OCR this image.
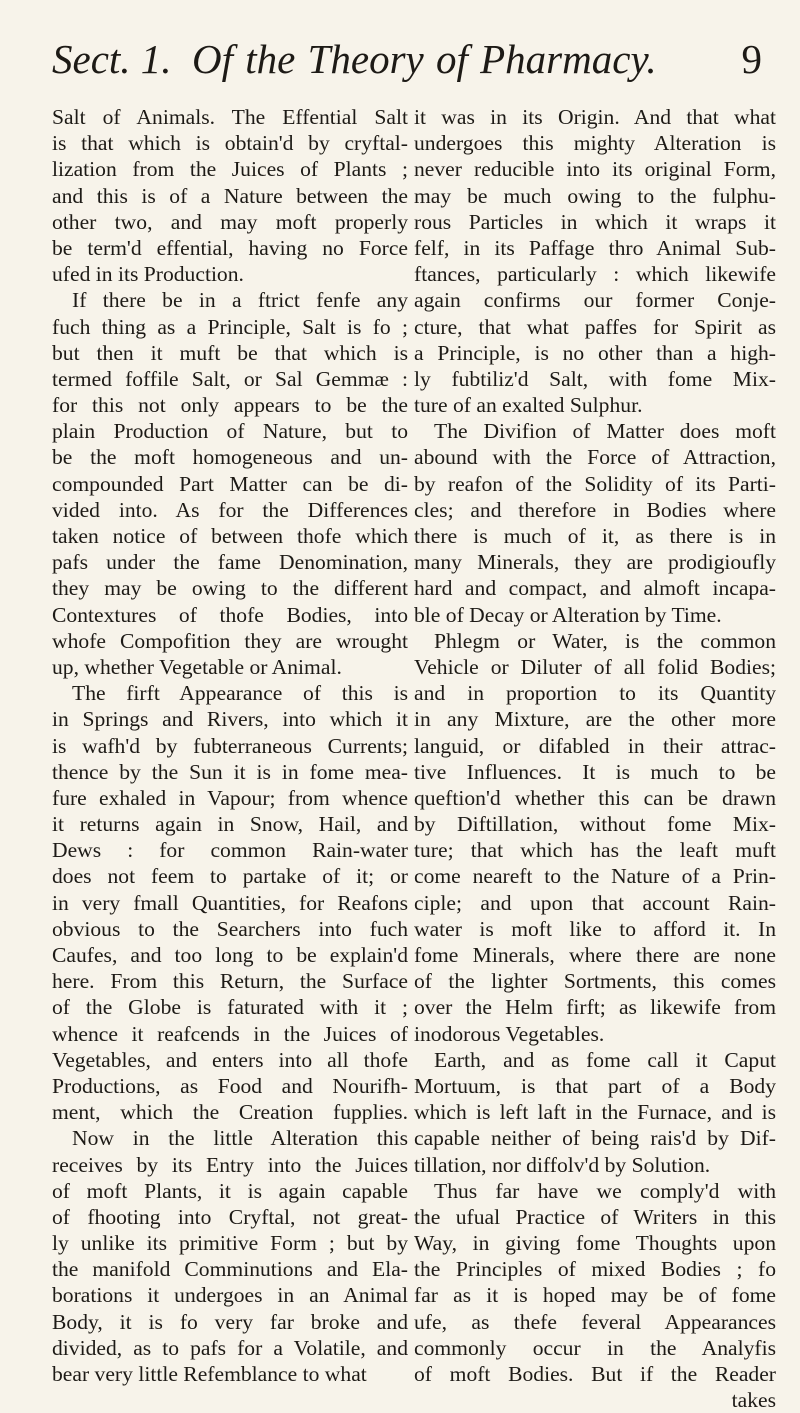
Sect. 1. Of the Theory of Pharmacy. 9
Salt of Animals. The Effential Salt
is that which is obtain'd by cryftal-
lization from the Juices of Plants ;
and this is of a Nature between the
other two, and may moft properly
be term'd effential, having no Force
ufed in its Production.
If there be in a ftrict fenfe any
fuch thing as a Principle, Salt is fo ;
but then it muft be that which is
termed foffile Salt, or Sal Gemmæ :
for this not only appears to be the
plain Production of Nature, but to
be the moft homogeneous and un-
compounded Part Matter can be di-
vided into. As for the Differences
taken notice of between thofe which
pafs under the fame Denomination,
they may be owing to the different
Contextures of thofe Bodies, into
whofe Compofition they are wrought
up, whether Vegetable or Animal.
The firft Appearance of this is
in Springs and Rivers, into which it
is wafh'd by fubterraneous Currents;
thence by the Sun it is in fome mea-
fure exhaled in Vapour; from whence
it returns again in Snow, Hail, and
Dews : for common Rain-water
does not feem to partake of it; or
in very fmall Quantities, for Reafons
obvious to the Searchers into fuch
Caufes, and too long to be explain'd
here. From this Return, the Surface
of the Globe is faturated with it ;
whence it reafcends in the Juices of
Vegetables, and enters into all thofe
Productions, as Food and Nourifh-
ment, which the Creation fupplies.
Now in the little Alteration this
receives by its Entry into the Juices
of moft Plants, it is again capable
of fhooting into Cryftal, not great-
ly unlike its primitive Form ; but by
the manifold Comminutions and Ela-
borations it undergoes in an Animal
Body, it is fo very far broke and
divided, as to pafs for a Volatile, and
bear very little Refemblance to what
it was in its Origin. And that what
undergoes this mighty Alteration is
never reducible into its original Form,
may be much owing to the fulphu-
rous Particles in which it wraps it
felf, in its Paffage thro Animal Sub-
ftances, particularly : which likewife
again confirms our former Conje-
cture, that what paffes for Spirit as
a Principle, is no other than a high-
ly fubtiliz'd Salt, with fome Mix-
ture of an exalted Sulphur.
The Divifion of Matter does moft
abound with the Force of Attraction,
by reafon of the Solidity of its Parti-
cles; and therefore in Bodies where
there is much of it, as there is in
many Minerals, they are prodigioufly
hard and compact, and almoft incapa-
ble of Decay or Alteration by Time.
Phlegm or Water, is the common
Vehicle or Diluter of all folid Bodies;
and in proportion to its Quantity
in any Mixture, are the other more
languid, or difabled in their attrac-
tive Influences. It is much to be
queftion'd whether this can be drawn
by Diftillation, without fome Mix-
ture; that which has the leaft muft
come neareft to the Nature of a Prin-
ciple; and upon that account Rain-
water is moft like to afford it. In
fome Minerals, where there are none
of the lighter Sortments, this comes
over the Helm firft; as likewife from
inodorous Vegetables.
Earth, and as fome call it Caput
Mortuum, is that part of a Body
which is left laft in the Furnace, and is
capable neither of being rais'd by Dif-
tillation, nor diffolv'd by Solution.
Thus far have we comply'd with
the ufual Practice of Writers in this
Way, in giving fome Thoughts upon
the Principles of mixed Bodies ; fo
far as it is hoped may be of fome
ufe, as thefe feveral Appearances
commonly occur in the Analyfis
of moft Bodies. But if the Reader
takes
